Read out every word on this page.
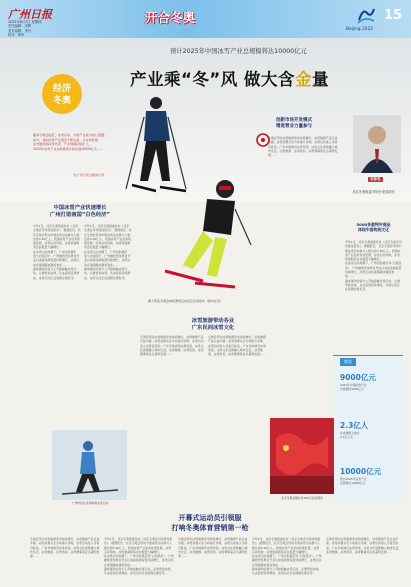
广州日报
2025年8月7日 星期四
责任编辑：吴辉
美术编辑：李丹
校对：廖军
开合冬奥
Beijing 2022
15
预计2025年中国冰雪产业总规模将达10000亿元
产业乘“冬”风 做大含金量
经济
冬奥
随着冬奥会临近，冰雪运动、冰雪产业成为热门话题。
如今，我国冰雪产业链条不断完善，从冰雪装备、
冰雪旅游到冰雪培训，产业规模持续扩大，
2025年冰雪产业总规模预计将达到10000亿元……
文/广州日报全媒体记者
澳大利亚冬奥会单板滑雪运动员正在训练中（新华社发）
中国冰雪产业快速增长
广州打造南国“白色经济”
今年1月，北京冬奥组委发布《北京冬奥会可持续性报告》。根据报告，北京冬奥会带动中国冰雪运动参与人数达到3.46亿人。我国冰雪产业迎来快速发展，冰雪运动场地、冰雪装备制造企业数量大幅增长。
在冰雪运动热潮下，广州也积极打造“白色经济”。广州融创雪世界自开业以来接待游客量持续增长，冰雪运动在南国越来越受欢迎……
越来越多的南方人开始接触冰雪运动，从滑雪到冰球，从冰壶到花样滑冰，冰雪运动正在南国生根发芽。
今年1月，北京冬奥组委发布《北京冬奥会可持续性报告》。根据报告，北京冬奥会带动中国冰雪运动参与人数达到3.46亿人。我国冰雪产业迎来快速发展，冰雪运动场地、冰雪装备制造企业数量大幅增长。
在冰雪运动热潮下，广州也积极打造“白色经济”。广州融创雪世界自开业以来接待游客量持续增长，冰雪运动在南国越来越受欢迎……
越来越多的南方人开始接触冰雪运动，从滑雪到冰球，从冰壶到花样滑冰，冰雪运动正在南国生根发芽。
冰雪旅游带动各业
广东民间冰雪文化
冬奥会带动冰雪旅游需求持续增长，冰雪旅游产品日益丰富。冰雪消费从北方向南方延伸，冰雪运动进入寻常百姓家。广东多地建设冰雪场馆，冰雪文化逐渐融入城市生活，冰雪旅游、冰雪培训、冰雪赛事等业态蓬勃发展……
冬奥会带动冰雪旅游需求持续增长，冰雪旅游产品日益丰富。冰雪消费从北方向南方延伸，冰雪运动进入寻常百姓家。广东多地建设冰雪场馆，冰雪文化逐渐融入城市生活，冰雪旅游、冰雪培训、冰雪赛事等业态蓬勃发展……
创新市场开发模式
增进营业力量参与
冬奥会带动冰雪旅游需求持续增长，冰雪旅游产品日益丰富。冰雪消费从北方向南方延伸，冰雪运动进入寻常百姓家。广东多地建设冰雪场馆，冰雪文化逐渐融入城市生活，冰雪旅游、冰雪培训、冰雪赛事等业态蓬勃发展……
专家名
北京冬奥组委市场开发部部长
5000多款特许商品
体现中国传统文化
今年1月，北京冬奥组委发布《北京冬奥会可持续性报告》。根据报告，北京冬奥会带动中国冰雪运动参与人数达到3.46亿人。我国冰雪产业迎来快速发展，冰雪运动场地、冰雪装备制造企业数量大幅增长。
在冰雪运动热潮下，广州也积极打造“白色经济”。广州融创雪世界自开业以来接待游客量持续增长，冰雪运动在南国越来越受欢迎……
越来越多的南方人开始接触冰雪运动，从滑雪到冰球，从冰壶到花样滑冰，冰雪运动正在南国生根发芽。
数说
9000亿元
2021年中国冰雪产业
总规模约9000亿元
2.3亿人
冰雪旅游人数达
2.3亿人次
10000亿元
预计2025年冰雪产业
总规模达10000亿元
广州市民在冰场体验冰雪运动
北京冬奥会倒计时100天活动现场
开幕式运动员引领服
打响冬奥体育营销第一枪
冬奥会带动冰雪旅游需求持续增长，冰雪旅游产品日益丰富。冰雪消费从北方向南方延伸，冰雪运动进入寻常百姓家。广东多地建设冰雪场馆，冰雪文化逐渐融入城市生活，冰雪旅游、冰雪培训、冰雪赛事等业态蓬勃发展……
今年1月，北京冬奥组委发布《北京冬奥会可持续性报告》。根据报告，北京冬奥会带动中国冰雪运动参与人数达到3.46亿人。我国冰雪产业迎来快速发展，冰雪运动场地、冰雪装备制造企业数量大幅增长。
在冰雪运动热潮下，广州也积极打造“白色经济”。广州融创雪世界自开业以来接待游客量持续增长，冰雪运动在南国越来越受欢迎……
越来越多的南方人开始接触冰雪运动，从滑雪到冰球，从冰壶到花样滑冰，冰雪运动正在南国生根发芽。
冬奥会带动冰雪旅游需求持续增长，冰雪旅游产品日益丰富。冰雪消费从北方向南方延伸，冰雪运动进入寻常百姓家。广东多地建设冰雪场馆，冰雪文化逐渐融入城市生活，冰雪旅游、冰雪培训、冰雪赛事等业态蓬勃发展……
今年1月，北京冬奥组委发布《北京冬奥会可持续性报告》。根据报告，北京冬奥会带动中国冰雪运动参与人数达到3.46亿人。我国冰雪产业迎来快速发展，冰雪运动场地、冰雪装备制造企业数量大幅增长。
在冰雪运动热潮下，广州也积极打造“白色经济”。广州融创雪世界自开业以来接待游客量持续增长，冰雪运动在南国越来越受欢迎……
越来越多的南方人开始接触冰雪运动，从滑雪到冰球，从冰壶到花样滑冰，冰雪运动正在南国生根发芽。
冬奥会带动冰雪旅游需求持续增长，冰雪旅游产品日益丰富。冰雪消费从北方向南方延伸，冰雪运动进入寻常百姓家。广东多地建设冰雪场馆，冰雪文化逐渐融入城市生活，冰雪旅游、冰雪培训、冰雪赛事等业态蓬勃发展……
